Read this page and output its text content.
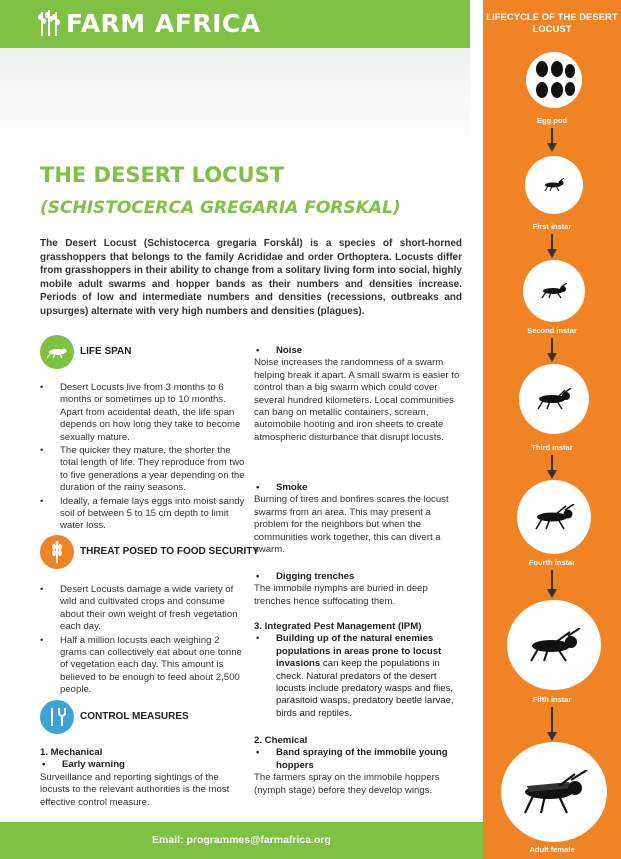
FARM AFRICA
THE DESERT LOCUST
(SCHISTOCERCA GREGARIA FORSKAL)

The Desert Locust (Schistocerca gregaria Forskål) is a species of short-horned grasshoppers that belongs to the family Acrididae and order Orthoptera. Locusts differ from grasshoppers in their ability to change from a solitary living form into social, highly mobile adult swarms and hopper bands as their numbers and densities increase. Periods of low and intermediate numbers and densities (recessions, outbreaks and upsurges) alternate with very high numbers and densities (plagues).

LIFE SPAN
• Desert Locusts live from 3 months to 6 months or sometimes up to 10 months. Apart from accidental death, the life span depends on how long they take to become sexually mature.
• The quicker they mature, the shorter the total length of life. They reproduce from two to five generations a year depending on the duration of the rainy seasons.
• Ideally, a female lays eggs into moist sandy soil of between 5 to 15 cm depth to limit water loss.
THREAT POSED TO FOOD SECURITY
• Desert Locusts damage a wide variety of wild and cultivated crops and consume about their own weight of fresh vegetation each day.
• Half a million locusts each weighing 2 grams can collectively eat about one tonne of vegetation each day. This amount is believed to be enough to feed about 2,500 people.
CONTROL MEASURES
1. Mechanical
• Early warning
Surveillance and reporting sightings of the locusts to the relevant authorities is the most effective control measure.
• Noise
Noise increases the randomness of a swarm helping break it apart. A small swarm is easier to control than a big swarm which could cover several hundred kilometers. Local communities can bang on metallic containers, scream, automobile hooting and iron sheets to create atmospheric disturbance that disrupt locusts.
• Smoke
Burning of tires and bonfires scares the locust swarms from an area. This may present a problem for the neighbors but when the communities work together, this can divert a swarm.
• Digging trenches
The immobile nymphs are buried in deep trenches hence suffocating them.
3. Integrated Pest Management (IPM)
• Building up of the natural enemies populations in areas prone to locust invasions can keep the populations in check. Natural predators of the desert locusts include predatory wasps and flies, parasitoid wasps, predatory beetle larvae, birds and reptiles.
2. Chemical
• Band spraying of the immobile young hoppers
The farmers spray on the immobile hoppers (nymph stage) before they develop wings.
LIFECYCLE OF THE DESERT LOCUST
Egg pod
First instar
Second instar
Third instar
Fourth instar
Fifth instar
Adult female
Email: programmes@farmafrica.org
